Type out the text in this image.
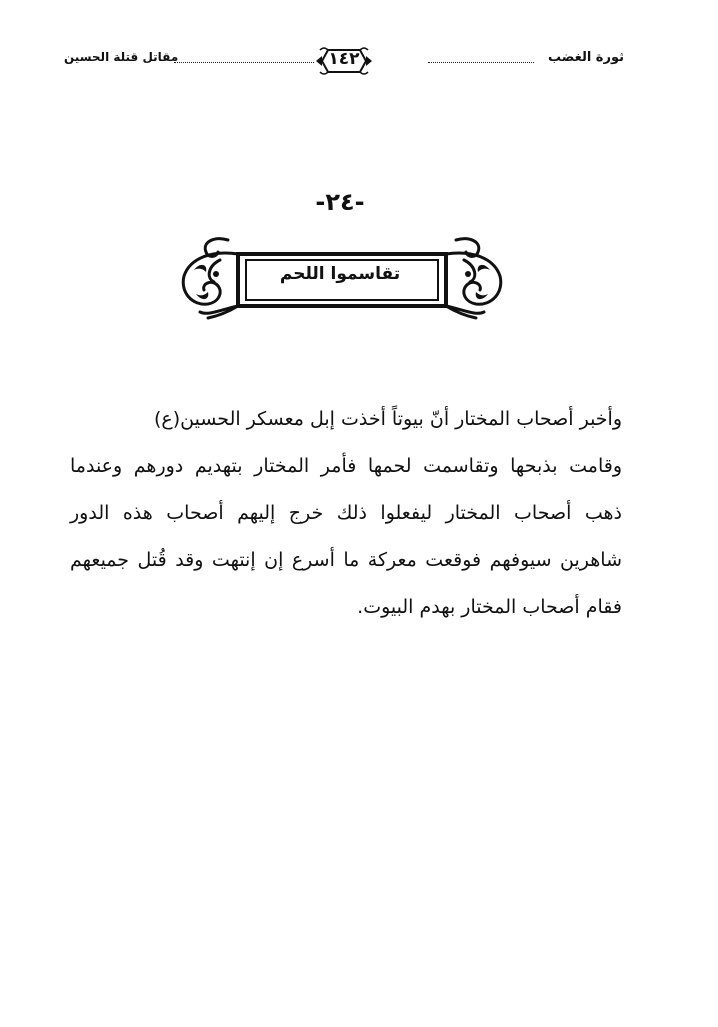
ثورة الغضب
١٤٢
مقاتل قتلة الحسين
-٢٤-
تقاسموا اللحم
وأخبر أصحاب المختار أنّ بيوتاً أخذت إبل معسكر الحسين(ع)
وقامت بذبحها وتقاسمت لحمها فأمر المختار بتهديم دورهم وعندما
ذهب أصحاب المختار ليفعلوا ذلك خرج إليهم أصحاب هذه الدور
شاهرين سيوفهم فوقعت معركة ما أسرع إن إنتهت وقد قُتل جميعهم
فقام أصحاب المختار بهدم البيوت.
